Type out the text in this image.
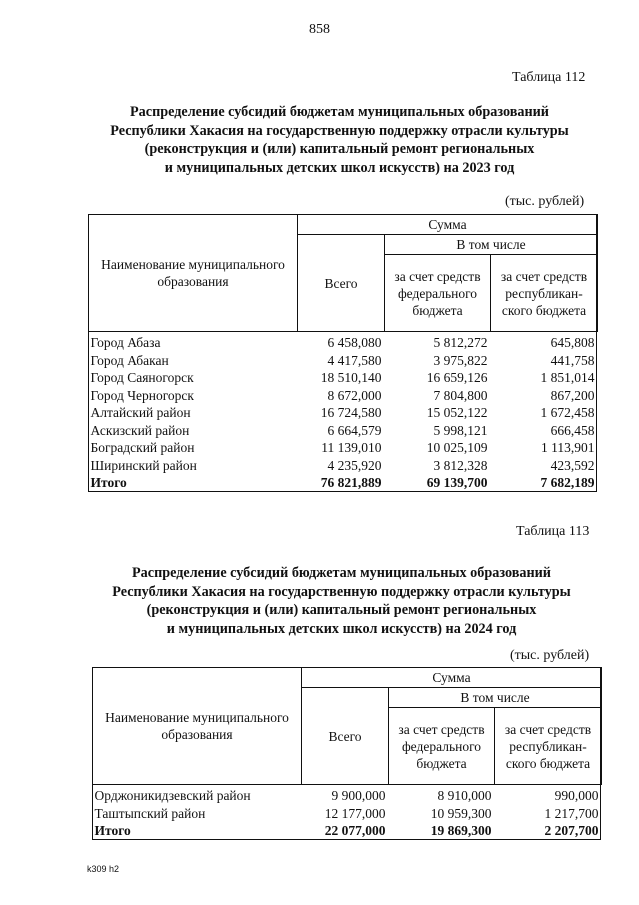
858
Таблица 112
Распределение субсидий бюджетам муниципальных образований
Республики Хакасия на государственную поддержку отрасли культуры
(реконструкция и (или) капитальный ремонт региональных
и муниципальных детских школ искусств) на 2023 год
(тыс. рублей)
Наименование муниципального образования	Сумма		
	Всего	В том числе	
		за счет средств федерального бюджета	за счет средств республикан-ского бюджета
Город Абаза	6 458,080	5 812,272	645,808
Город Абакан	4 417,580	3 975,822	441,758
Город Саяногорск	18 510,140	16 659,126	1 851,014
Город Черногорск	8 672,000	7 804,800	867,200
Алтайский район	16 724,580	15 052,122	1 672,458
Аскизский район	6 664,579	5 998,121	666,458
Боградский район	11 139,010	10 025,109	1 113,901
Ширинский район	4 235,920	3 812,328	423,592
Итого	76 821,889	69 139,700	7 682,189
Таблица 113
Распределение субсидий бюджетам муниципальных образований
Республики Хакасия на государственную поддержку отрасли культуры
(реконструкция и (или) капитальный ремонт региональных
и муниципальных детских школ искусств) на 2024 год
(тыс. рублей)
Наименование муниципального образования	Сумма		
	Всего	В том числе	
		за счет средств федерального бюджета	за счет средств республикан-ского бюджета
Орджоникидзевский район	9 900,000	8 910,000	990,000
Таштыпский район	12 177,000	10 959,300	1 217,700
Итого	22 077,000	19 869,300	2 207,700
k309 h2
